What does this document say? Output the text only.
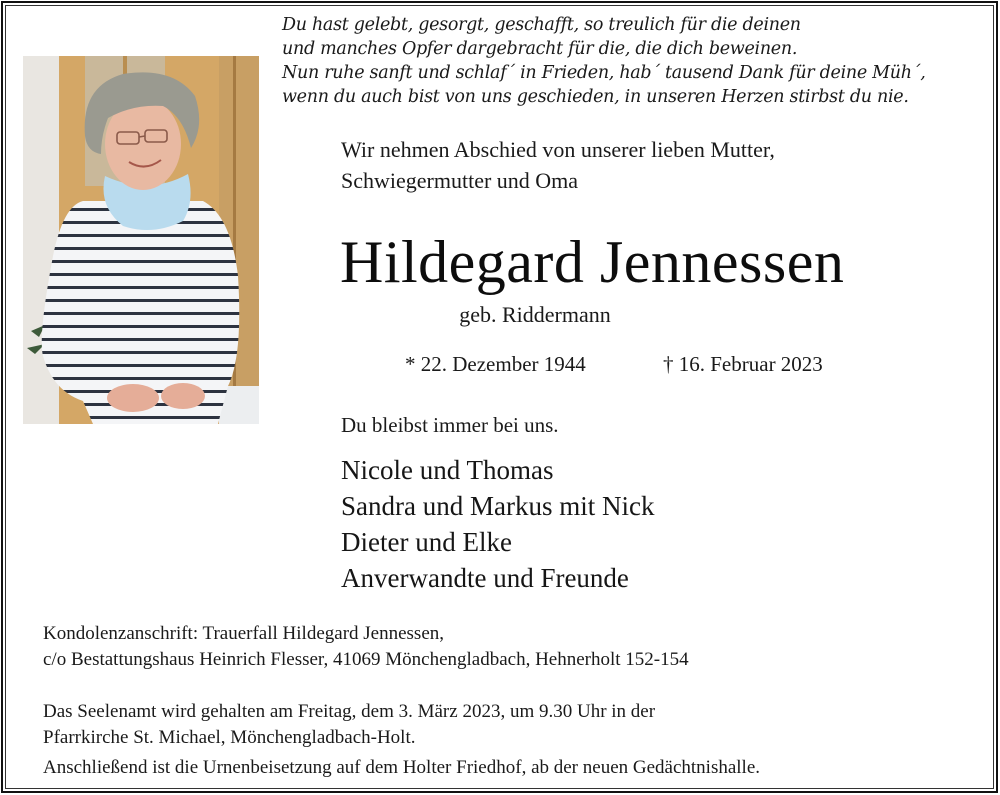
Du hast gelebt, gesorgt, geschafft, so treulich für die deinen
und manches Opfer dargebracht für die, die dich beweinen.
Nun ruhe sanft und schlaf´ in Frieden, hab´ tausend Dank für deine Müh´,
wenn du auch bist von uns geschieden, in unseren Herzen stirbst du nie.
Wir nehmen Abschied von unserer lieben Mutter,
Schwiegermutter und Oma
Hildegard Jennessen
geb. Riddermann
* 22. Dezember 1944	† 16. Februar 2023
Du bleibst immer bei uns.
Nicole und Thomas
Sandra und Markus mit Nick
Dieter und Elke
Anverwandte und Freunde
Kondolenzanschrift: Trauerfall Hildegard Jennessen,
c/o Bestattungshaus Heinrich Flesser, 41069 Mönchengladbach, Hehnerholt 152-154
Das Seelenamt wird gehalten am Freitag, dem 3. März 2023, um 9.30 Uhr in der
Pfarrkirche St. Michael, Mönchengladbach-Holt.
Anschließend ist die Urnenbeisetzung auf dem Holter Friedhof, ab der neuen Gedächtnishalle.
